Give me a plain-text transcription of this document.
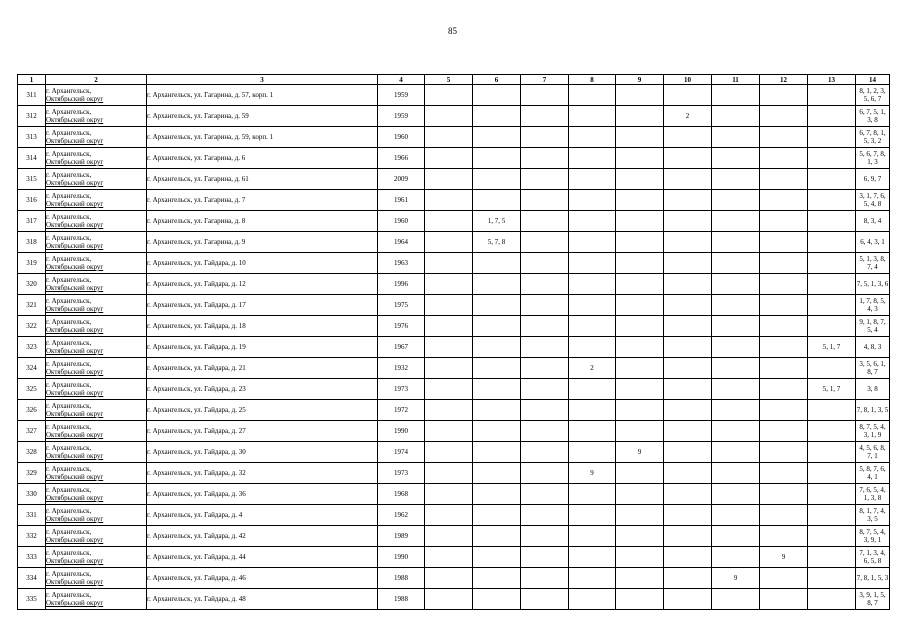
85
1	2	3	4	5	6	7	8	9	10	11	12	13	14
311	г. Архангельск,
Октябрьский округ	г. Архангельск, ул. Гагарина, д. 57, корп. 1	1959										8, 1, 2, 3, 5, 6, 7
312	г. Архангельск,
Октябрьский округ	г. Архангельск, ул. Гагарина, д. 59	1959						2				6, 7, 5, 1, 3, 8
313	г. Архангельск,
Октябрьский округ	г. Архангельск, ул. Гагарина, д. 59, корп. 1	1960										6, 7, 8, 1, 5, 3, 2
314	г. Архангельск,
Октябрьский округ	г. Архангельск, ул. Гагарина, д. 6	1966										5, 6, 7, 8, 1, 3
315	г. Архангельск,
Октябрьский округ	г. Архангельск, ул. Гагарина, д. 61	2009										6, 9, 7
316	г. Архангельск,
Октябрьский округ	г. Архангельск, ул. Гагарина, д. 7	1961										3, 1, 7, 6, 5, 4, 8
317	г. Архангельск,
Октябрьский округ	г. Архангельск, ул. Гагарина, д. 8	1960		1, 7, 5								8, 3, 4
318	г. Архангельск,
Октябрьский округ	г. Архангельск, ул. Гагарина, д. 9	1964		5, 7, 8								6, 4, 3, 1
319	г. Архангельск,
Октябрьский округ	г. Архангельск, ул. Гайдара, д. 10	1963										5, 1, 3, 8, 7, 4
320	г. Архангельск,
Октябрьский округ	г. Архангельск, ул. Гайдара, д. 12	1996										7, 5, 1, 3, 6
321	г. Архангельск,
Октябрьский округ	г. Архангельск, ул. Гайдара, д. 17	1975										1, 7, 8, 5, 4, 3
322	г. Архангельск,
Октябрьский округ	г. Архангельск, ул. Гайдара, д. 18	1976										9, 1, 8, 7, 5, 4
323	г. Архангельск,
Октябрьский округ	г. Архангельск, ул. Гайдара, д. 19	1967									5, 1, 7	4, 8, 3
324	г. Архангельск,
Октябрьский округ	г. Архангельск, ул. Гайдара, д. 21	1932				2						3, 5, 6, 1, 8, 7
325	г. Архангельск,
Октябрьский округ	г. Архангельск, ул. Гайдара, д. 23	1973									5, 1, 7	3, 8
326	г. Архангельск,
Октябрьский округ	г. Архангельск, ул. Гайдара, д. 25	1972										7, 8, 1, 3, 5
327	г. Архангельск,
Октябрьский округ	г. Архангельск, ул. Гайдара, д. 27	1990										8, 7, 5, 4, 3, 1, 9
328	г. Архангельск,
Октябрьский округ	г. Архангельск, ул. Гайдара, д. 30	1974					9					4, 5, 6, 8, 7, 1
329	г. Архангельск,
Октябрьский округ	г. Архангельск, ул. Гайдара, д. 32	1973				9						5, 8, 7, 6, 4, 1
330	г. Архангельск,
Октябрьский округ	г. Архангельск, ул. Гайдара, д. 36	1968										7, 6, 5, 4, 1, 3, 8
331	г. Архангельск,
Октябрьский округ	г. Архангельск, ул. Гайдара, д. 4	1962										8, 1, 7, 4, 3, 5
332	г. Архангельск,
Октябрьский округ	г. Архангельск, ул. Гайдара, д. 42	1989										8, 7, 5, 4, 3, 9, 1
333	г. Архангельск,
Октябрьский округ	г. Архангельск, ул. Гайдара, д. 44	1990								9		7, 1, 3, 4, 6, 5, 8
334	г. Архангельск,
Октябрьский округ	г. Архангельск, ул. Гайдара, д. 46	1988							9			7, 8, 1, 5, 3
335	г. Архангельск,
Октябрьский округ	г. Архангельск, ул. Гайдара, д. 48	1988										3, 9, 1, 5, 8, 7
